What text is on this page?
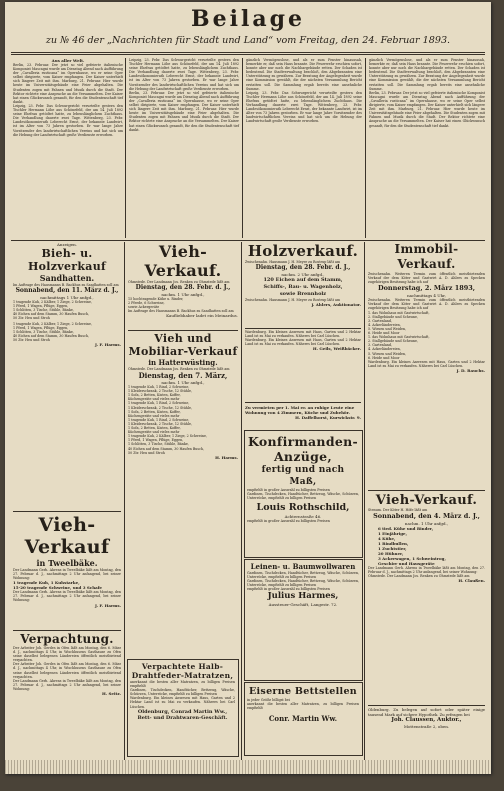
Beilage
zu № 46 der „Nachrichten für Stadt und Land“ vom Freitag, den 24. Februar 1893.
Aus aller Welt.
Berlin, 23. Februar. Der jetzt so viel gefeierte italienische Komponist Mascagni wurde am Dienstag Abend nach Aufführung der „Cavalleria rusticana“ im Opernhause, wo er seine Oper selbst dirigierte, vom Kaiser empfangen. Der Kaiser unterhielt sich längere Zeit mit ihm. Marburg, 21. Februar. Hier wurde heute im Universitätsgebäude eine Feier abgehalten. Die Studenten zogen mit Fahnen und Musik durch die Stadt. Der Rektor richtete eine Ansprache an die Versammelten. Der Kaiser hat einen Glückwunsch gesandt, für den die Studentenschaft tief dankt.
Leipzig, 23. Febr. Das Schwurgericht verurteilte gestern den Tischler Hermann Löbe aus Schönefeld, der am 14. Juli 1892 seine Ehefrau getödtet hatte, zu lebenslänglichem Zuchthaus. Die Verhandlung dauerte zwei Tage. Wittenberg, 23. Febr. Landesökonomierath Leberecht Ernst, der bekannte Landwirt, ist im Alter von 73 Jahren gestorben. Er war lange Jahre Vorsitzender des landwirtschaftlichen Vereins und hat sich um die Hebung der Landwirtschaft große Verdienste erworben.
Leipzig, 23. Febr. Das Schwurgericht verurteilte gestern den Tischler Hermann Löbe aus Schönefeld, der am 14. Juli 1892 seine Ehefrau getödtet hatte, zu lebenslänglichem Zuchthaus. Die Verhandlung dauerte zwei Tage. Wittenberg, 23. Febr. Landesökonomierath Leberecht Ernst, der bekannte Landwirt, ist im Alter von 73 Jahren gestorben. Er war lange Jahre Vorsitzender des landwirtschaftlichen Vereins und hat sich um die Hebung der Landwirtschaft große Verdienste erworben.
Berlin, 23. Februar. Der jetzt so viel gefeierte italienische Komponist Mascagni wurde am Dienstag Abend nach Aufführung der „Cavalleria rusticana“ im Opernhause, wo er seine Oper selbst dirigierte, vom Kaiser empfangen. Der Kaiser unterhielt sich längere Zeit mit ihm. Marburg, 21. Februar. Hier wurde heute im Universitätsgebäude eine Feier abgehalten. Die Studenten zogen mit Fahnen und Musik durch die Stadt. Der Rektor richtete eine Ansprache an die Versammelten. Der Kaiser hat einen Glückwunsch gesandt, für den die Studentenschaft tief dankt.
gänzlich Vermögenslose, und als er zum Fenster hinaussah, bemerkte er, daß sein Haus brannte. Die Feuerwehr erschien sofort, konnte aber nur noch die Nachbargebäude retten. Der Schaden ist bedeutend. Die Stadtverwaltung beschloß, den Abgebrannten eine Unterstützung zu gewähren. Zur Beratung der Angelegenheit wurde eine Kommission gewählt, die der nächsten Versammlung Bericht erstatten soll. Die Sammlung ergab bereits eine ansehnliche Summe.
Leipzig, 23. Febr. Das Schwurgericht verurteilte gestern den Tischler Hermann Löbe aus Schönefeld, der am 14. Juli 1892 seine Ehefrau getödtet hatte, zu lebenslänglichem Zuchthaus. Die Verhandlung dauerte zwei Tage. Wittenberg, 23. Febr. Landesökonomierath Leberecht Ernst, der bekannte Landwirt, ist im Alter von 73 Jahren gestorben. Er war lange Jahre Vorsitzender des landwirtschaftlichen Vereins und hat sich um die Hebung der Landwirtschaft große Verdienste erworben.
gänzlich Vermögenslose, und als er zum Fenster hinaussah, bemerkte er, daß sein Haus brannte. Die Feuerwehr erschien sofort, konnte aber nur noch die Nachbargebäude retten. Der Schaden ist bedeutend. Die Stadtverwaltung beschloß, den Abgebrannten eine Unterstützung zu gewähren. Zur Beratung der Angelegenheit wurde eine Kommission gewählt, die der nächsten Versammlung Bericht erstatten soll. Die Sammlung ergab bereits eine ansehnliche Summe.
Berlin, 23. Februar. Der jetzt so viel gefeierte italienische Komponist Mascagni wurde am Dienstag Abend nach Aufführung der „Cavalleria rusticana“ im Opernhause, wo er seine Oper selbst dirigierte, vom Kaiser empfangen. Der Kaiser unterhielt sich längere Zeit mit ihm. Marburg, 21. Februar. Hier wurde heute im Universitätsgebäude eine Feier abgehalten. Die Studenten zogen mit Fahnen und Musik durch die Stadt. Der Rektor richtete eine Ansprache an die Versammelten. Der Kaiser hat einen Glückwunsch gesandt, für den die Studentenschaft tief dankt.
Anzeigen.
Bieh- u. Holzverkauf
Sandhatten.
Im Auftrage des Hausmanns B. Backhus zu Sandhatten soll am
Sonnabend, den 11. März d. J.,
nachmittags 1 Uhr anfgd.,
1 tragende Kuh, 2 Kälber, 1 Ziege, 2 Schweine,
1 Pferd, 1 Wagen, Pflüge, Eggen,
1 Schlitten, 3 Tische, Stühle, Bänke,
40 Eichen auf dem Stamm, 30 Haufen Busch,
50 Ztr. Heu und Stroh
1 tragende Kuh, 2 Kälber, 1 Ziege, 2 Schweine,
1 Pferd, 1 Wagen, Pflüge, Eggen,
1 Schlitten, 3 Tische, Stühle, Bänke,
40 Eichen auf dem Stamm, 30 Haufen Busch,
50 Ztr. Heu und Stroh
J. F. Harms.
Vieh-Verkauf
in Tweelbäke.
Der Landmann Gerh. Ahrens in Tweelbäke läßt am Montag, den 27. Februar d. J., nachmittags 2 Uhr anfangend, bei seiner Wohnung:
1 tragende Kuh, 1 Kuhstarke,
15-20 tragende Schweine, und 3 Schafe
Der Landmann Gerh. Ahrens in Tweelbäke läßt am Montag, den 27. Februar d. J., nachmittags 2 Uhr anfangend, bei seiner Wohnung:
J. F. Harms.
Verpachtung.
Der Arbeiter Joh. Gerdes in Ofen läßt am Montag, den 6. März d. J., nachmittags 4 Uhr, in Wischhusens Gasthause zu Ofen seine daselbst belegenen Ländereien öffentlich meistbietend verpachten.
Der Arbeiter Joh. Gerdes in Ofen läßt am Montag, den 6. März d. J., nachmittags 4 Uhr, in Wischhusens Gasthause zu Ofen seine daselbst belegenen Ländereien öffentlich meistbietend verpachten.
Der Landmann Gerh. Ahrens in Tweelbäke läßt am Montag, den 27. Februar d. J., nachmittags 2 Uhr anfangend, bei seiner Wohnung:
H. Seitz.
Vieh-Verkauf.
Ohmstede. Der Landmann Jos. Renken zu Ohmstede läßt am
Dienstag, den 28. Febr. d. J.,
nachm. 1 Uhr anfgd.,
15 hochtragende Kühe u. Rinder,
2 Pferde, 6 Schweine,
sowie Ackergeräte
Im Auftrage des Hausmanns B. Backhus zu Sandhatten soll am
Kaufliebhaber ladet ein Meinardus.
Vieh und Mobiliar-Verkauf
in Hatterwüsting.
Ohmstede. Der Landmann Jos. Renken zu Ohmstede läßt am
Dienstag, den 7. März,
nachm. 1 Uhr anfgd.,
1 tragende Kuh, 1 Rind, 2 Schweine,
1 Kleiderschrank, 2 Tische, 12 Stühle,
1 Sofa, 2 Betten, Kisten, Koffer,
Küchengeräte und vieles mehr
1 tragende Kuh, 1 Rind, 2 Schweine,
1 Kleiderschrank, 2 Tische, 12 Stühle,
1 Sofa, 2 Betten, Kisten, Koffer,
Küchengeräte und vieles mehr
1 tragende Kuh, 1 Rind, 2 Schweine,
1 Kleiderschrank, 2 Tische, 12 Stühle,
1 Sofa, 2 Betten, Kisten, Koffer,
Küchengeräte und vieles mehr
1 tragende Kuh, 2 Kälber, 1 Ziege, 2 Schweine,
1 Pferd, 1 Wagen, Pflüge, Eggen,
1 Schlitten, 3 Tische, Stühle, Bänke,
40 Eichen auf dem Stamm, 30 Haufen Busch,
50 Ztr. Heu und Stroh
H. Harms.
Verpachtete Halb-Drahtfeder-Matratzen,
anerkannt die besten aller Matratzen, zu billigen Preisen empfiehlt
Gardinen, Tischdecken, Handtücher, Bettzeug, Wäsche, Schürzen, Unterröcke, empfiehlt zu billigen Preisen
Wardenburg. Ein kleines Anwesen mit Haus, Garten und 2 Hektar Land ist zu Mai zu verkaufen. Näheres bei Carl Lüschen.
Oldenburg, Conrad Martin Ww.,
Bett- und Drahtwaren-Geschäft.
Holzverkauf.
Zwischenahn. Hausmann J. H. Meyer zu Rostrup läßt am
Dienstag, den 28. Febr. d. J.,
nachm. 2 Uhr anfgd.,
120 Eichen auf dem Stamm,
Schiffs-, Bau- u. Wagenholz,
sowie Brennholz
Zwischenahn. Hausmann J. H. Meyer zu Rostrup läßt am
J. Ahlers, Auktionator.
Wardenburg. Ein kleines Anwesen mit Haus, Garten und 2 Hektar Land ist zu Mai zu verkaufen. Näheres bei Carl Lüschen.
Wardenburg. Ein kleines Anwesen mit Haus, Garten und 2 Hektar Land ist zu Mai zu verkaufen. Näheres bei Carl Lüschen.
H. Geils, Weißbäcker.
Zu vermieten per 1. Mai er. an ruhige Leute eine Wohnung von 4 Zimmern, Küche und Zubehör.
H. Daffelhorst, Kurwickstr. 9.
Konfirmanden-Anzüge,
fertig und nach Maß,
empfiehlt in großer Auswahl zu billigsten Preisen
Gardinen, Tischdecken, Handtücher, Bettzeug, Wäsche, Schürzen, Unterröcke, empfiehlt zu billigen Preisen
Louis Rothschild,
Achternstraße 46.
empfiehlt in großer Auswahl zu billigsten Preisen
Leinen- u. Baumwollwaren
Gardinen, Tischdecken, Handtücher, Bettzeug, Wäsche, Schürzen, Unterröcke, empfiehlt zu billigen Preisen
Gardinen, Tischdecken, Handtücher, Bettzeug, Wäsche, Schürzen, Unterröcke, empfiehlt zu billigen Preisen
empfiehlt in großer Auswahl zu billigsten Preisen
Julius Harmes,
Aussteuer-Geschäft, Langestr. 72.
Eiserne Bettstellen
in jeder Größe billigst bei
anerkannt die besten aller Matratzen, zu billigen Preisen empfiehlt
Conr. Martin Ww.
Immobil-Verkauf.
Zwischenahn. Weiteren Termin zum öffentlich meistbietenden Verkauf der dem Köter und Gastwirt A. D. Ahlers zu Specken zugehörigen Besitzung habe ich auf
Donnerstag, 2. März 1893,
nachmittags 4 Uhr,
Zwischenahn. Weiteren Termin zum öffentlich meistbietenden Verkauf der dem Köter und Gastwirt A. D. Ahlers zu Specken zugehörigen Besitzung habe ich auf
1. das Wohnhaus mit Gastwirtschaft,
2. Stallgebäude und Scheune,
3. Gartenland,
4. Ackerländereien,
5. Wiesen und Weiden,
6. Heide und Moor
1. das Wohnhaus mit Gastwirtschaft,
2. Stallgebäude und Scheune,
3. Gartenland,
4. Ackerländereien,
5. Wiesen und Weiden,
6. Heide und Moor
Wardenburg. Ein kleines Anwesen mit Haus, Garten und 2 Hektar Land ist zu Mai zu verkaufen. Näheres bei Carl Lüschen.
J. D. Rauchs.
Vieh-Verkauf.
Stenum. Der Köter H. Höfe läßt am
Sonnabend, den 4. März d. J.,
nachm. 1 Uhr anfgd.,
6 tied. Kühe und Rinder,
1 Einjährige,
4 Kühe,
1 Rindbullen,
1 Zuchtstier,
20 Hühner,
3 Ackerwagen, 1 Schweintrog,
Geschirr und Hausgeräte
Der Landmann Gerh. Ahrens in Tweelbäke läßt am Montag, den 27. Februar d. J., nachmittags 2 Uhr anfangend, bei seiner Wohnung:
Ohmstede. Der Landmann Jos. Renken zu Ohmstede läßt am
H. Claußen.
Oldenburg. Zu belegen auf sofort oder später einige tausend Mark auf sichere Hypothek. Zu erfragen bei
Joh. Claussen, Auktor.,
Mottenstraße 2, oben.
